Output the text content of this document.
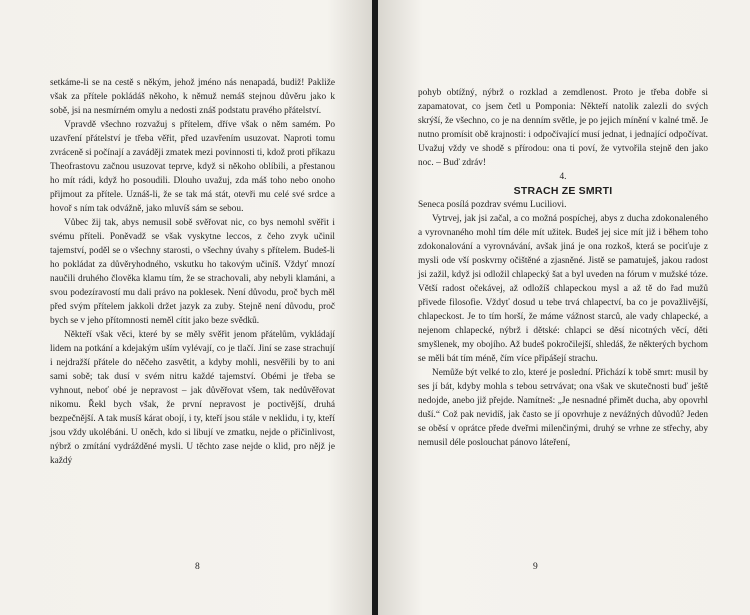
setkáme-li se na cestě s někým, jehož jméno nás nenapadá, budiž! Pakliže však za přítele pokládáš někoho, k němuž nemáš stejnou důvěru jako k sobě, jsi na nesmírném omylu a nedosti znáš podstatu pravého přátelství.

Vpravdě všechno rozvažuj s přítelem, dříve však o něm samém. Po uzavření přátelství je třeba věřit, před uzavřením usuzovat. Naproti tomu zvráceně si počínají a zaváději zmatek mezi povinnosti ti, kdož proti příkazu Theofrastovu začnou usuzovat teprve, když si někoho oblíbili, a přestanou ho mít rádi, když ho posoudili. Dlouho uvažuj, zda máš toho nebo onoho přijmout za přítele. Uznáš-li, že se tak má stát, otevři mu celé své srdce a hovoř s ním tak odvážně, jako mluvíš sám se sebou.

Vůbec žij tak, abys nemusil sobě svěřovat nic, co bys nemohl svěřit i svému příteli. Poněvadž se však vyskytne leccos, z čeho zvyk učinil tajemství, poděl se o všechny starosti, o všechny úvahy s přítelem. Budeš-li ho pokládat za důvěryhodného, vskutku ho takovým učiníš. Vždyť mnozí naučili druhého člověka klamu tím, že se strachovali, aby nebyli klamáni, a svou podezíravostí mu dali právo na poklesek. Není důvodu, proč bych měl před svým přítelem jakkoli držet jazyk za zuby. Stejně není důvodu, proč bych se v jeho přítomnosti neměl cítit jako beze svědků.

Někteří však věci, které by se měly svěřit jenom přátelům, vykládají lidem na potkání a kdejakým uším vylévají, co je tlačí. Jiní se zase strachují i nejdražší přátele do něčeho zasvětit, a kdyby mohli, nesvěřili by to ani sami sobě; tak dusí v svém nitru každé tajemství. Obémi je třeba se vyhnout, neboť obé je nepravost – jak důvěřovat všem, tak nedůvěřovat nikomu. Řekl bych však, že první nepravost je poctivější, druhá bezpečnější. A tak musíš kárat obojí, i ty, kteří jsou stále v neklidu, i ty, kteří jsou vždy ukolébáni. U oněch, kdo si libují ve zmatku, nejde o přičinlivost, nýbrž o zmítání vydrážděné mysli. U těchto zase nejde o klid, pro nějž je každý

8

pohyb obtížný, nýbrž o rozklad a zemdlenost. Proto je třeba dobře si zapamatovat, co jsem četl u Pomponia: Někteří natolik zalezli do svých skrýší, že všechno, co je na denním světle, je po jejich mínění v kalné tmě. Je nutno promísit obě krajnosti: i odpočívající musí jednat, i jednající odpočívat. Uvažuj vždy ve shodě s přírodou: ona ti poví, že vytvořila stejně den jako noc. – Buď zdráv!

4.

STRACH ZE SMRTI

Seneca posílá pozdrav svému Luciliovi.

Vytrvej, jak jsi začal, a co možná pospíchej, abys z ducha zdokonaleného a vyrovnaného mohl tím déle mít užitek. Budeš jej sice mít již i během toho zdokonalování a vyrovnávání, avšak jiná je ona rozkoš, která se pociťuje z mysli ode vší poskvrny očištěné a zjasněné. Jistě se pamatuješ, jakou radost jsi zažil, když jsi odložil chlapecký šat a byl uveden na fórum v mužské tóze. Větší radost očekávej, až odložíš chlapeckou mysl a až tě do řad mužů přivede filosofie. Vždyť dosud u tebe trvá chlapectví, ba co je považlivější, chlapeckost. Je to tím horší, že máme vážnost starců, ale vady chlapecké, a nejenom chlapecké, nýbrž i dětské: chlapci se děsí nicotných věcí, děti smyšlenek, my obojího. Až budeš pokročilejší, shledáš, že některých bychom se měli bát tím méně, čím více připášejí strachu.

Nemůže být velké to zlo, které je poslední. Přichází k tobě smrt: musil by ses jí bát, kdyby mohla s tebou setrvávat; ona však ve skutečnosti buď ještě nedojde, anebo již přejde. Namítneš: „Je nesnadné přimět ducha, aby opovrhl duší.“ Což pak nevidíš, jak často se jí opovrhuje z nevážných důvodů? Jeden se oběsí v oprátce přede dveřmi milenčinými, druhý se vrhne ze střechy, aby nemusil déle poslouchat pánovo láteření,

9
